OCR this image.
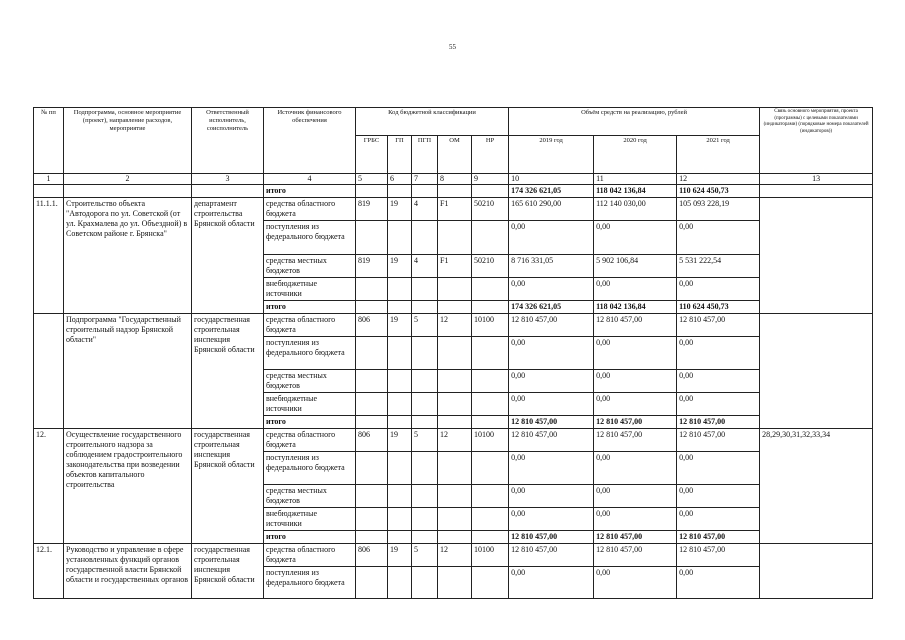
55
№ пп	Подпрограмма, основное мероприятие (проект), направление расходов, мероприятие	Ответственный исполнитель, соисполнитель	Источник финансового обеспечения	Код бюджетной классификации					Объём средств на реализацию, рублей			Связь основного мероприятия, проекта (программы) с целевыми показателями (индикаторами) (порядковые номера показателей (индикаторов))
				ГРБС	ГП	ПГП	ОМ	НР	2019 год	2020 год	2021 год	
1	2	3	4	5	6	7	8	9	10	11	12	13
			итого						174 326 621,05	118 042 136,84	110 624 450,73	
11.1.1.	Строительство объекта "Автодорога по ул. Советской (от ул. Крахмалева до ул. Объездной) в Советском районе г. Брянска"	департамент строительства Брянской области	средства областного бюджета	819	19	4	F1	50210	165 610 290,00	112 140 030,00	105 093 228,19	
			поступления из федерального бюджета						0,00	0,00	0,00	
			средства местных бюджетов	819	19	4	F1	50210	8 716 331,05	5 902 106,84	5 531 222,54	
			внебюджетные источники						0,00	0,00	0,00	
			итого						174 326 621,05	118 042 136,84	110 624 450,73	
	Подпрограмма "Государственный строительный надзор Брянской области"	государственная строительная инспекция Брянской области	средства областного бюджета	806	19	5	12	10100	12 810 457,00	12 810 457,00	12 810 457,00	
			поступления из федерального бюджета						0,00	0,00	0,00	
			средства местных бюджетов						0,00	0,00	0,00	
			внебюджетные источники						0,00	0,00	0,00	
			итого						12 810 457,00	12 810 457,00	12 810 457,00	
12.	Осуществление государственного строительного надзора за соблюдением градостроительного законодательства при возведении объектов капитального строительства	государственная строительная инспекция Брянской области	средства областного бюджета	806	19	5	12	10100	12 810 457,00	12 810 457,00	12 810 457,00	28,29,30,31,32,33,34
			поступления из федерального бюджета						0,00	0,00	0,00	
			средства местных бюджетов						0,00	0,00	0,00	
			внебюджетные источники						0,00	0,00	0,00	
			итого						12 810 457,00	12 810 457,00	12 810 457,00	
12.1.	Руководство и управление в сфере установленных функций органов государственной власти Брянской области и государственных органов	государственная строительная инспекция Брянской области	средства областного бюджета	806	19	5	12	10100	12 810 457,00	12 810 457,00	12 810 457,00	
			поступления из федерального бюджета						0,00	0,00	0,00	
